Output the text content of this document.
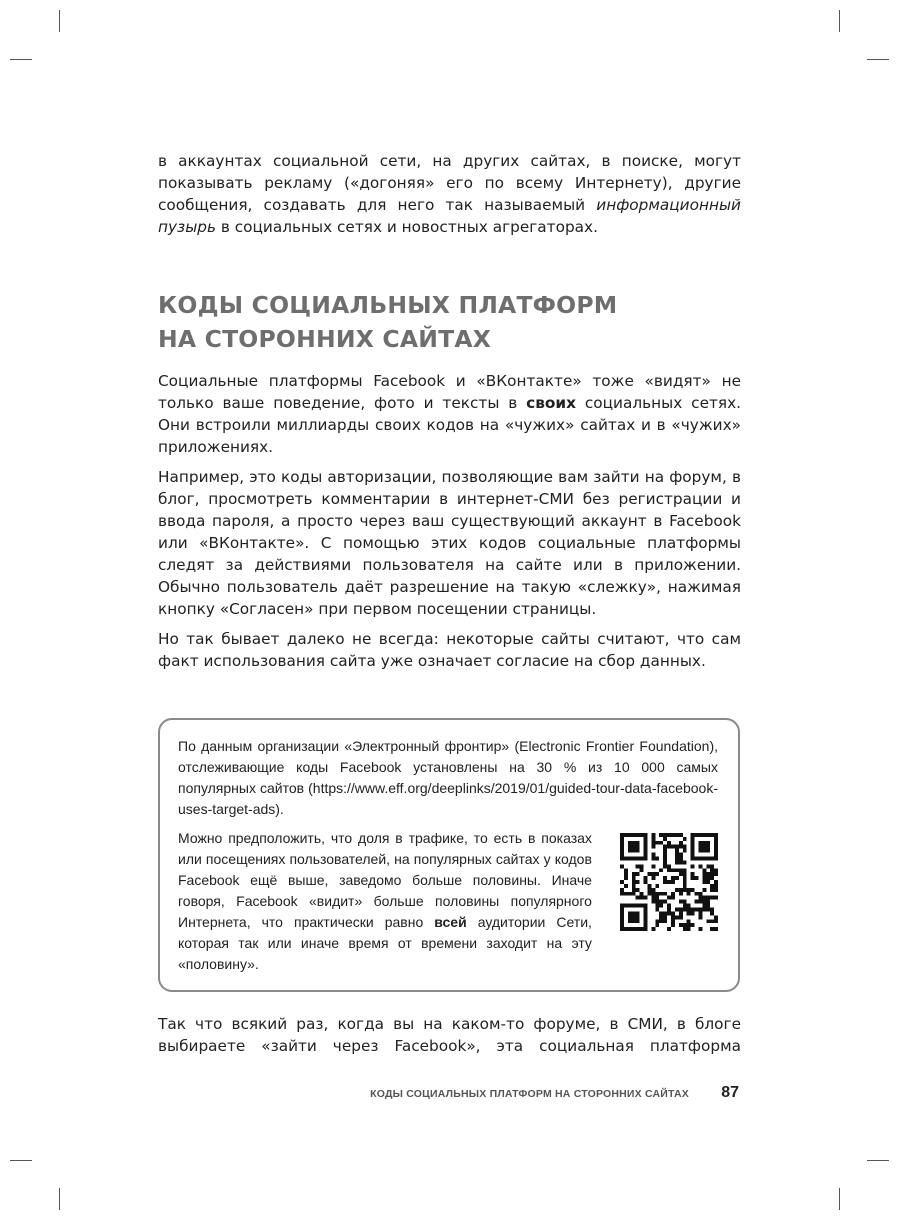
в аккаунтах социальной сети, на других сайтах, в поиске, могут
показывать рекламу («догоняя» его по всему Интернету), другие
сообщения, создавать для него так называемый информационный
пузырь в социальных сетях и новостных агрегаторах.

КОДЫ СОЦИАЛЬНЫХ ПЛАТФОРМ
НА СТОРОННИХ САЙТАХ

Социальные платформы Facebook и «ВКонтакте» тоже «видят» не только ваше поведение, фото и тексты в своих социальных сетях. Они встроили миллиарды своих кодов на «чужих» сайтах и в «чужих» приложениях.

Например, это коды авторизации, позволяющие вам зайти на форум, в блог, просмотреть комментарии в интернет-СМИ без регистрации и ввода пароля, а просто через ваш существующий аккаунт в Facebook или «ВКонтакте». С помощью этих кодов социальные платформы следят за действиями пользователя на сайте или в приложении. Обычно пользователь даёт разрешение на такую «слежку», нажимая кнопку «Согласен» при первом посещении страницы.

Но так бывает далеко не всегда: некоторые сайты считают, что сам факт использования сайта уже означает согласие на сбор данных.

По данным организации «Электронный фронтир» (Electronic Frontier Foundation), отслеживающие коды Facebook установлены на 30 % из 10 000 самых популярных сайтов (https://www.eff.org/deeplinks/2019/01/guided-tour-data-facebook-uses-target-ads).

Можно предположить, что доля в трафике, то есть в показах или посещениях пользователей, на популярных сайтах у кодов Facebook ещё выше, заведомо больше половины. Иначе говоря, Facebook «видит» больше половины популярного Интернета, что практически равно всей аудитории Сети, которая так или иначе время от времени заходит на эту «половину».

Так что всякий раз, когда вы на каком-то форуме, в СМИ, в блоге
выбираете «зайти через Facebook», эта социальная платформа

КОДЫ СОЦИАЛЬНЫХ ПЛАТФОРМ НА СТОРОННИХ САЙТАХ 87
